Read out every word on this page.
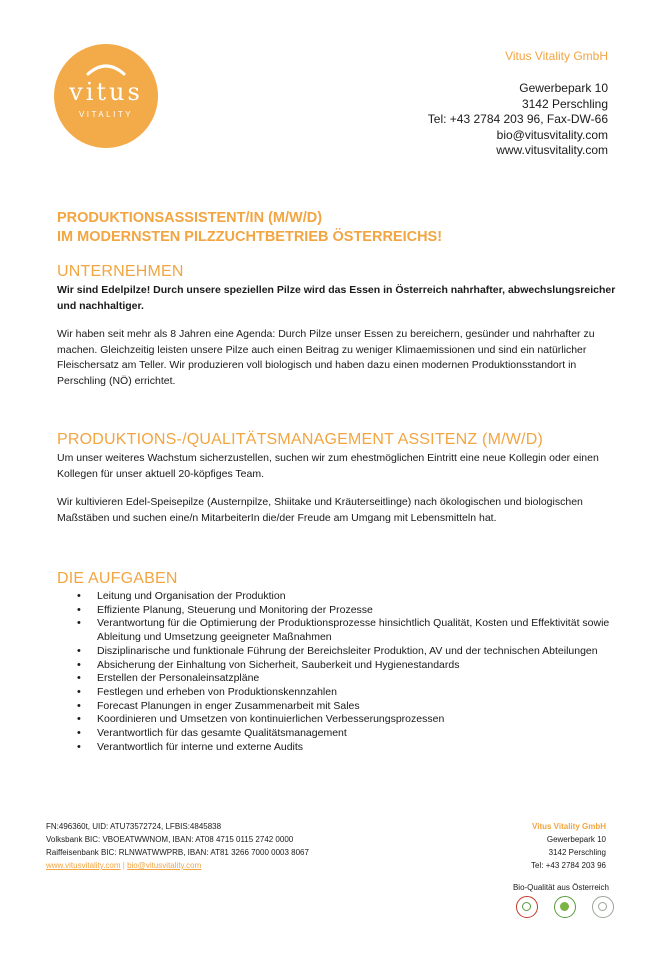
vitus
VITALITY
Vitus Vitality GmbH
Gewerbepark 10
3142 Perschling
Tel: +43 2784 203 96, Fax-DW-66
bio@vitusvitality.com
www.vitusvitality.com
PRODUKTIONSASSISTENT/IN (M/W/D)
IM MODERNSTEN PILZZUCHTBETRIEB ÖSTERREICHS!
UNTERNEHMEN

Wir sind Edelpilze! Durch unsere speziellen Pilze wird das Essen in Österreich nahrhafter, abwechslungsreicher und nachhaltiger.

Wir haben seit mehr als 8 Jahren eine Agenda: Durch Pilze unser Essen zu bereichern, gesünder und nahrhafter zu machen. Gleichzeitig leisten unsere Pilze auch einen Beitrag zu weniger Klimaemissionen und sind ein natürlicher Fleischersatz am Teller. Wir produzieren voll biologisch und haben dazu einen modernen Produktionsstandort in Perschling (NÖ) errichtet.

PRODUKTIONS-/QUALITÄTSMANAGEMENT ASSITENZ (M/W/D)

Um unser weiteres Wachstum sicherzustellen, suchen wir zum ehestmöglichen Eintritt eine neue Kollegin oder einen Kollegen für unser aktuell 20-köpfiges Team.

Wir kultivieren Edel-Speisepilze (Austernpilze, Shiitake und Kräuterseitlinge) nach ökologischen und biologischen Maßstäben und suchen eine/n MitarbeiterIn die/der Freude am Umgang mit Lebensmitteln hat.

DIE AUFGABEN
• Leitung und Organisation der Produktion
• Effiziente Planung, Steuerung und Monitoring der Prozesse
• Verantwortung für die Optimierung der Produktionsprozesse hinsichtlich Qualität, Kosten und Effektivität sowie Ableitung und Umsetzung geeigneter Maßnahmen
• Disziplinarische und funktionale Führung der Bereichsleiter Produktion, AV und der technischen Abteilungen
• Absicherung der Einhaltung von Sicherheit, Sauberkeit und Hygienestandards
• Erstellen der Personaleinsatzpläne
• Festlegen und erheben von Produktionskennzahlen
• Forecast Planungen in enger Zusammenarbeit mit Sales
• Koordinieren und Umsetzen von kontinuierlichen Verbesserungsprozessen
• Verantwortlich für das gesamte Qualitätsmanagement
• Verantwortlich für interne und externe Audits
FN:496360t, UID: ATU73572724, LFBIS:4845838
Volksbank BIC: VBOEATWWNOM, IBAN: AT08 4715 0115 2742 0000
Raiffeisenbank BIC: RLNWATWWPRB, IBAN: AT81 3266 7000 0003 8067
www.vitusvitality.com | bio@vitusvitality.com
Vitus Vitality GmbH
Gewerbepark 10
3142 Perschling
Tel: +43 2784 203 96
Bio-Qualität aus Österreich
